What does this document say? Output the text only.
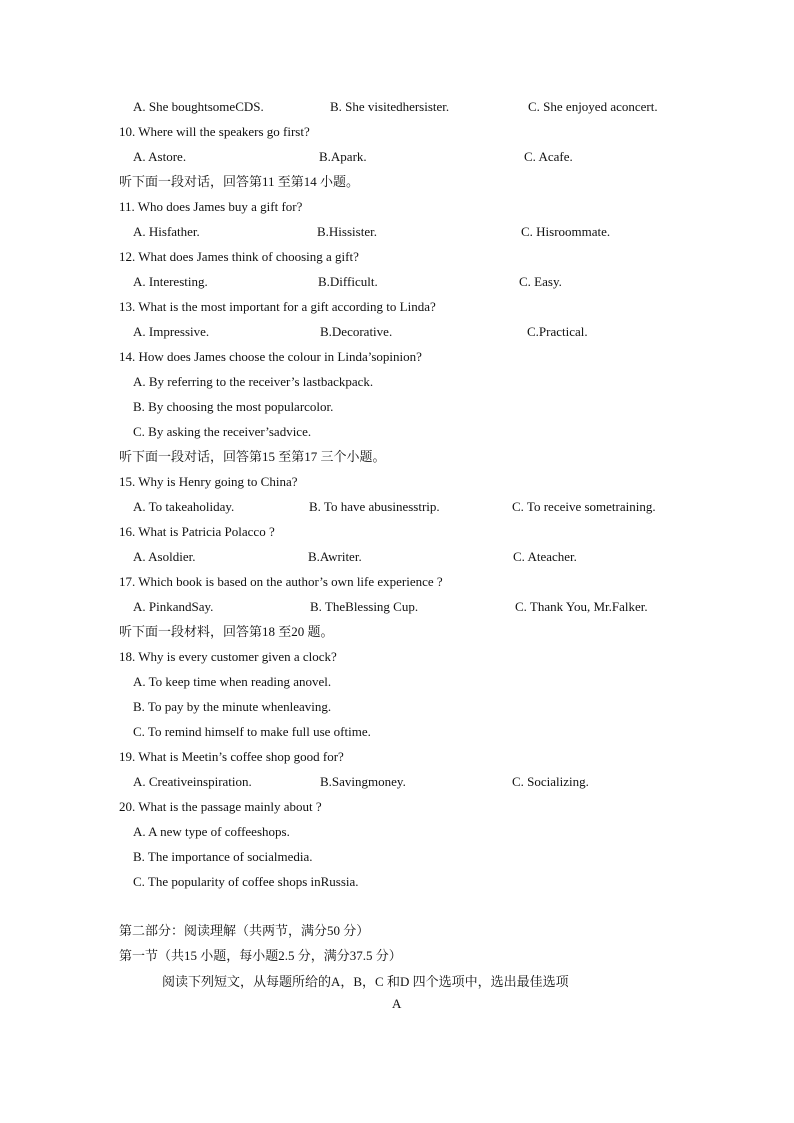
A. She boughtsomeCDS.	B. She visitedhersister.	C. She enjoyed aconcert.
10. Where will the speakers go first?
A. Astore.	B.Apark.	C. Acafe.
听下面一段对话，回答第11 至第14 小题。
11. Who does James buy a gift for?
A. Hisfather.	B.Hissister.	C. Hisroommate.
12. What does James think of choosing a gift?
A. Interesting.	B.Difficult.	C. Easy.
13. What is the most important for a gift according to Linda?
A. Impressive.	B.Decorative.	C.Practical.
14. How does James choose the colour in Linda’sopinion?
A. By referring to the receiver’s lastbackpack.
B. By choosing the most popularcolor.
C. By asking the receiver’sadvice.
听下面一段对话，回答第15 至第17 三个小题。
15. Why is Henry going to China?
A. To takeaholiday.	B. To have abusinesstrip.	C. To receive sometraining.
16. What is Patricia Polacco ?
A. Asoldier.	B.Awriter.	C. Ateacher.
17. Which book is based on the author’s own life experience ?
A. PinkandSay.	B. TheBlessing Cup.	C. Thank You, Mr.Falker.
听下面一段材料，回答第18 至20 题。
18. Why is every customer given a clock?
A. To keep time when reading anovel.
B. To pay by the minute whenleaving.
C. To remind himself to make full use oftime.
19. What is Meetin’s coffee shop good for?
A. Creativeinspiration.	B.Savingmoney.	C. Socializing.
20. What is the passage mainly about ?
A. A new type of coffeeshops.
B. The importance of socialmedia.
C. The popularity of coffee shops inRussia.
第二部分：阅读理解（共两节，满分50 分）
第一节（共15 小题，每小题2.5 分，满分37.5 分）
阅读下列短文，从每题所给的A，B，C 和D 四个选项中，选出最佳选项
A
